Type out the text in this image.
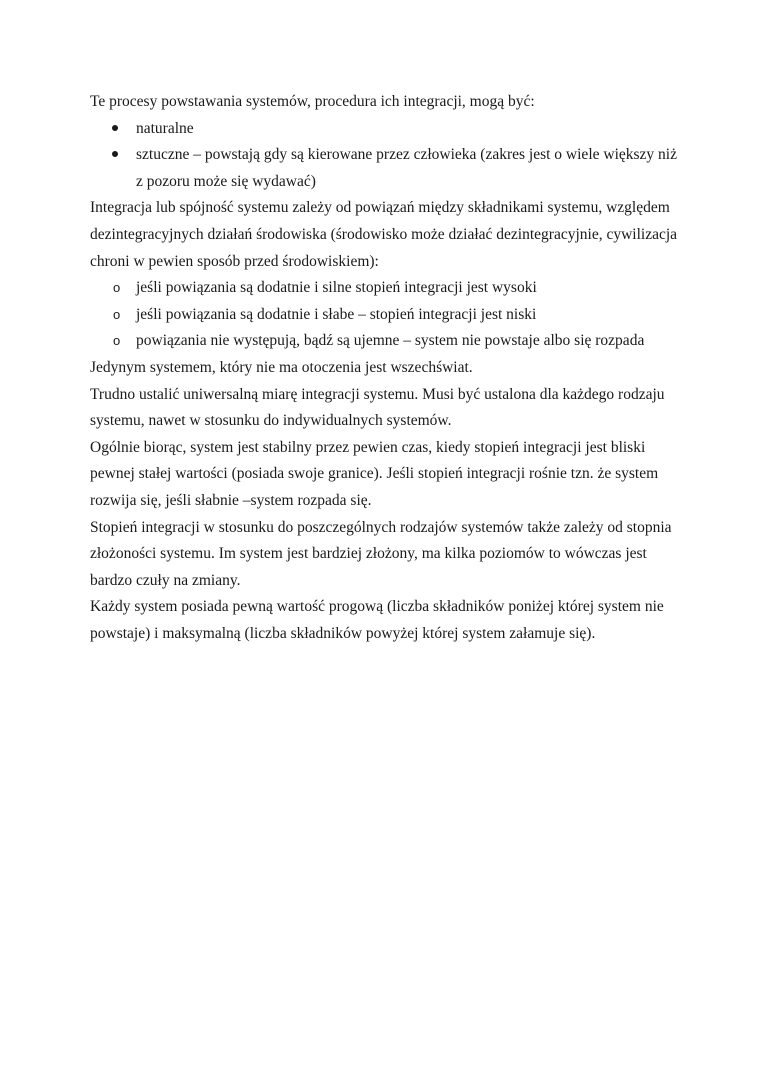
Te procesy powstawania systemów, procedura ich integracji, mogą być:

naturalne
sztuczne – powstają gdy są kierowane przez człowieka (zakres jest o wiele większy niż z pozoru może się wydawać)

Integracja lub spójność systemu zależy od powiązań między składnikami systemu, względem dezintegracyjnych działań środowiska (środowisko może działać dezintegracyjnie, cywilizacja chroni w pewien sposób przed środowiskiem):

o jeśli powiązania są dodatnie i silne stopień integracji jest wysoki
o jeśli powiązania są dodatnie i słabe – stopień integracji jest niski
o powiązania nie występują, bądź są ujemne – system nie powstaje albo się rozpada

Jedynym systemem, który nie ma otoczenia jest wszechświat.

Trudno ustalić uniwersalną miarę integracji systemu. Musi być ustalona dla każdego rodzaju systemu, nawet w stosunku do indywidualnych systemów.

Ogólnie biorąc, system jest stabilny przez pewien czas, kiedy stopień integracji jest bliski pewnej stałej wartości (posiada swoje granice). Jeśli stopień integracji rośnie tzn. że system rozwija się, jeśli słabnie –system rozpada się.

Stopień integracji w stosunku do poszczególnych rodzajów systemów także zależy od stopnia złożoności systemu. Im system jest bardziej złożony, ma kilka poziomów to wówczas jest bardzo czuły na zmiany.

Każdy system posiada pewną wartość progową (liczba składników poniżej której system nie powstaje) i maksymalną (liczba składników powyżej której system załamuje się).
